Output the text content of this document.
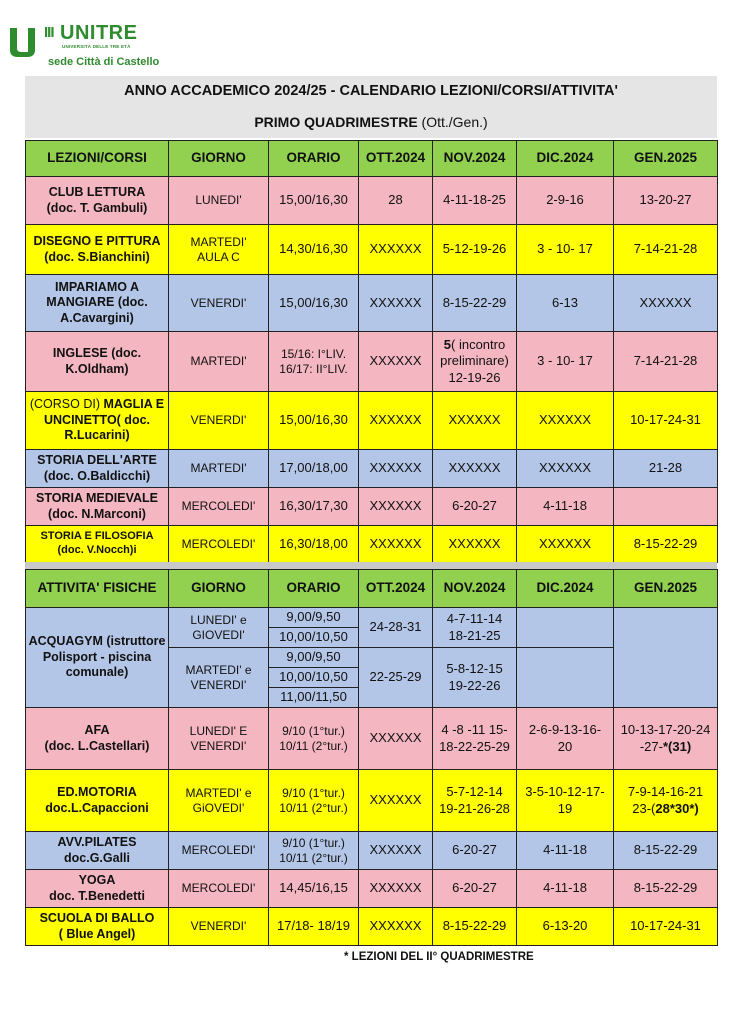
III UNITRE
UNIVERSITÀ DELLE TRE ETÀ
sede Città di Castello
ANNO ACCADEMICO 2024/25 - CALENDARIO LEZIONI/CORSI/ATTIVITA'
PRIMO QUADRIMESTRE (Ott./Gen.)
LEZIONI/CORSI	GIORNO	ORARIO	OTT.2024	NOV.2024	DIC.2024	GEN.2025
CLUB LETTURA
(doc. T. Gambuli)	LUNEDI'	15,00/16,30	28	4-11-18-25	2-9-16	13-20-27
DISEGNO E PITTURA
(doc. S.Bianchini)	MARTEDI'
AULA C	14,30/16,30	XXXXXX	5-12-19-26	3 - 10- 17	7-14-21-28
IMPARIAMO A
MANGIARE (doc.
A.Cavargini)	VENERDI'	15,00/16,30	XXXXXX	8-15-22-29	6-13	XXXXXX
INGLESE (doc.
K.Oldham)	MARTEDI'	15/16: I°LIV.
16/17: II°LIV.	XXXXXX	5( incontro
preliminare)
12-19-26	3 - 10- 17	7-14-21-28
(CORSO DI) MAGLIA E
UNCINETTO( doc.
R.Lucarini)	VENERDI'	15,00/16,30	XXXXXX	XXXXXX	XXXXXX	10-17-24-31
STORIA DELL'ARTE
(doc. O.Baldicchi)	MARTEDI'	17,00/18,00	XXXXXX	XXXXXX	XXXXXX	21-28
STORIA MEDIEVALE
(doc. N.Marconi)	MERCOLEDI'	16,30/17,30	XXXXXX	6-20-27	4-11-18	
STORIA E FILOSOFIA
(doc. V.Nocch)i	MERCOLEDI'	16,30/18,00	XXXXXX	XXXXXX	XXXXXX	8-15-22-29
ATTIVITA' FISICHE	GIORNO	ORARIO	OTT.2024	NOV.2024	DIC.2024	GEN.2025
ACQUAGYM (istruttore
Polisport - piscina
comunale)	LUNEDI' e
GIOVEDI'	9,00/9,50	24-28-31	4-7-11-14
18-21-25		
		10,00/10,50				
	MARTEDI' e
VENERDI'	9,00/9,50	22-25-29	5-8-12-15
19-22-26		
		10,00/10,50				
		11,00/11,50				
AFA
(doc. L.Castellari)	LUNEDI' E
VENERDI'	9/10 (1°tur.)
10/11 (2°tur.)	XXXXXX	4 -8 -11 15-
18-22-25-29	2-6-9-13-16-
20	10-13-17-20-24
-27-*(31)
ED.MOTORIA
doc.L.Capaccioni	MARTEDI' e
GiOVEDI'	9/10 (1°tur.)
10/11 (2°tur.)	XXXXXX	5-7-12-14
19-21-26-28	3-5-10-12-17-
19	7-9-14-16-21
23-(28*30*)
AVV.PILATES
doc.G.Galli	MERCOLEDI'	9/10 (1°tur.)
10/11 (2°tur.)	XXXXXX	6-20-27	4-11-18	8-15-22-29
YOGA
doc. T.Benedetti	MERCOLEDI'	14,45/16,15	XXXXXX	6-20-27	4-11-18	8-15-22-29
SCUOLA DI BALLO
( Blue Angel)	VENERDI'	17/18- 18/19	XXXXXX	8-15-22-29	6-13-20	10-17-24-31
* LEZIONI DEL II° QUADRIMESTRE
